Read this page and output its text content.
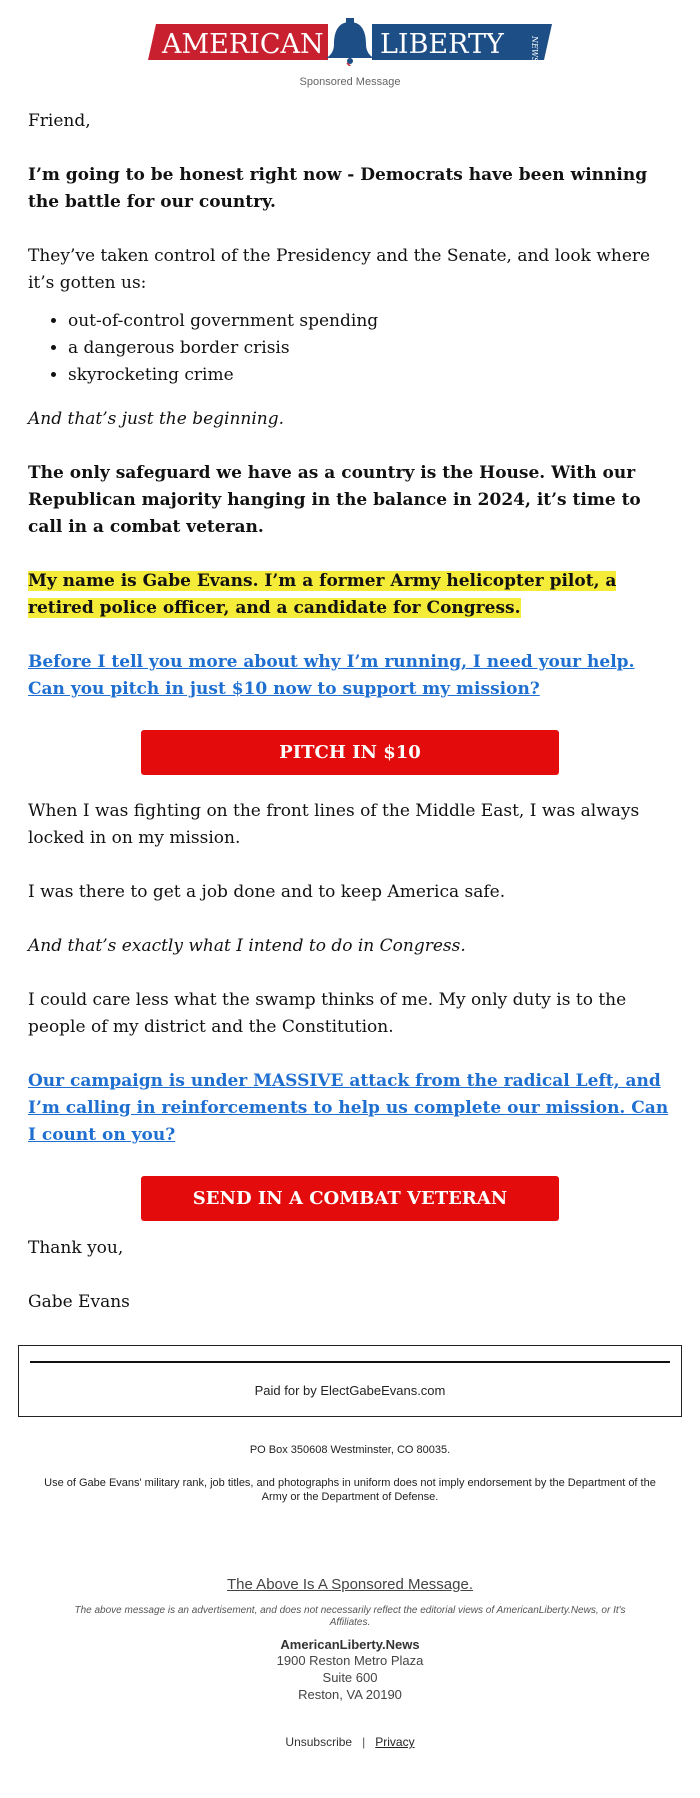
AMERICAN LIBERTY	NEWS
Sponsored Message

Friend,

I’m going to be honest right now - Democrats have been winning the battle for our country.

They’ve taken control of the Presidency and the Senate, and look where it’s gotten us:

• out-of-control government spending
• a dangerous border crisis
• skyrocketing crime

And that’s just the beginning.

The only safeguard we have as a country is the House. With our Republican majority hanging in the balance in 2024, it’s time to call in a combat veteran.

My name is Gabe Evans. I’m a former Army helicopter pilot, a retired police officer, and a candidate for Congress.

Before I tell you more about why I’m running, I need your help. Can you pitch in just $10 now to support my mission?

PITCH IN $10

When I was fighting on the front lines of the Middle East, I was always locked in on my mission.

I was there to get a job done and to keep America safe.

And that’s exactly what I intend to do in Congress.

I could care less what the swamp thinks of me. My only duty is to the people of my district and the Constitution.

Our campaign is under MASSIVE attack from the radical Left, and I’m calling in reinforcements to help us complete our mission. Can I count on you?

SEND IN A COMBAT VETERAN

Thank you,

Gabe Evans

Paid for by ElectGabeEvans.com
PO Box 350608 Westminster, CO 80035.
Use of Gabe Evans' military rank, job titles, and photographs in uniform does not imply endorsement by the Department of the Army or the Department of Defense.
The Above Is A Sponsored Message.
The above message is an advertisement, and does not necessarily reflect the editorial views of AmericanLiberty.News, or It's Affiliates.
AmericanLiberty.News
1900 Reston Metro Plaza
Suite 600
Reston, VA 20190
Unsubscribe | Privacy
